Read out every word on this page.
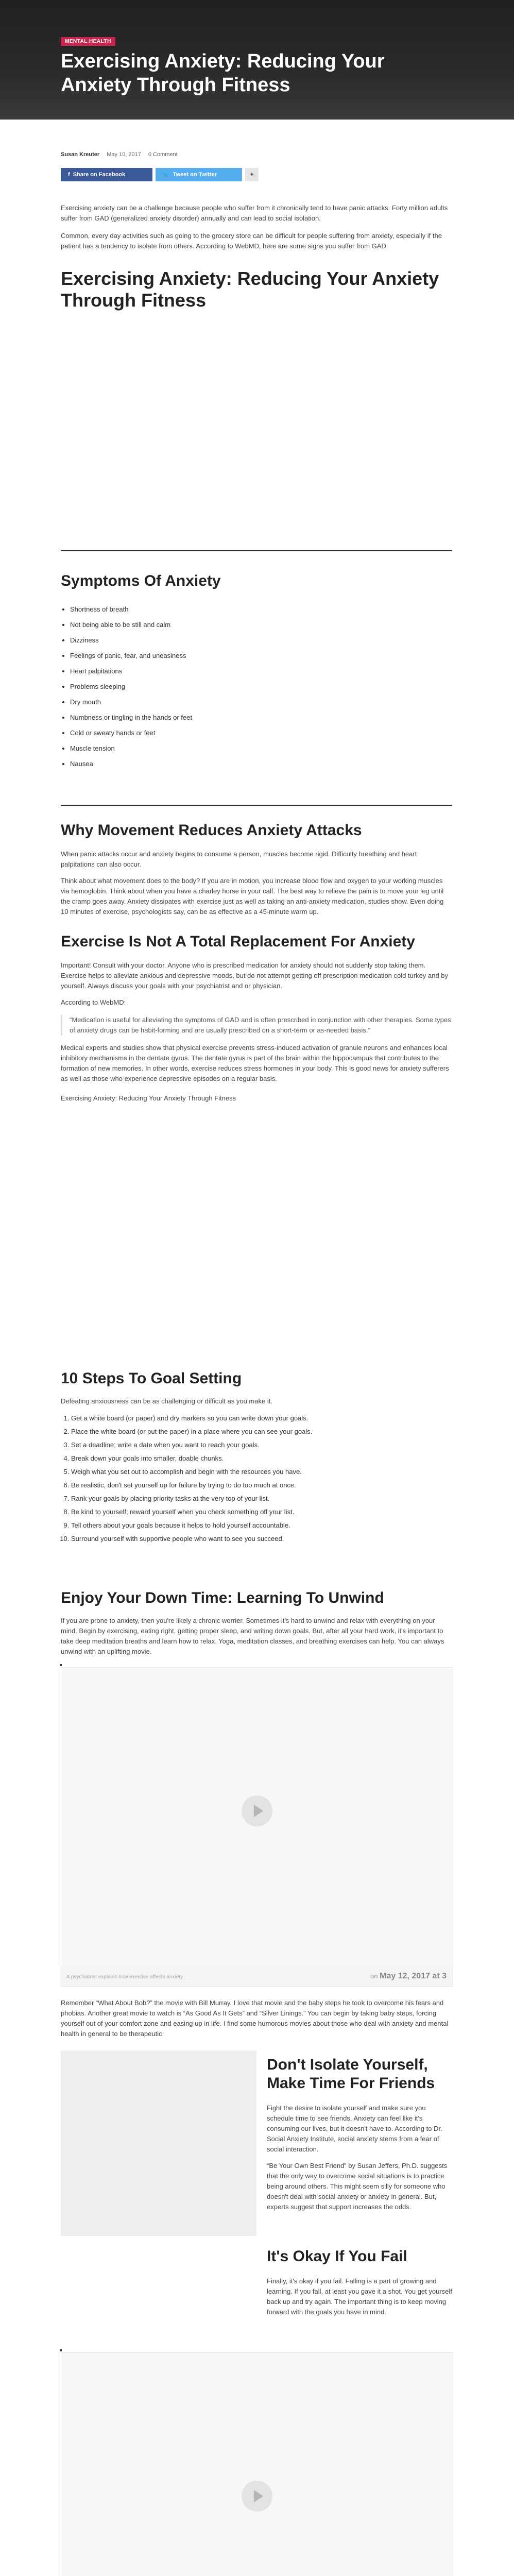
MENTAL HEALTH
Exercising Anxiety: Reducing Your Anxiety Through Fitness
Susan Kreuter May 10, 2017 0 Comment
f Share on Facebook	🐦 Tweet on Twitter	+

Exercising anxiety can be a challenge because people who suffer from it chronically tend to have panic attacks. Forty million adults suffer from GAD (generalized anxiety disorder) annually and can lead to social isolation.

Common, every day activities such as going to the grocery store can be difficult for people suffering from anxiety, especially if the patient has a tendency to isolate from others. According to WebMD, here are some signs you suffer from GAD:

Exercising Anxiety: Reducing Your Anxiety Through Fitness
Symptoms Of Anxiety
• Shortness of breath
• Not being able to be still and calm
• Dizziness
• Feelings of panic, fear, and uneasiness
• Heart palpitations
• Problems sleeping
• Dry mouth
• Numbness or tingling in the hands or feet
• Cold or sweaty hands or feet
• Muscle tension
• Nausea
Why Movement Reduces Anxiety Attacks

When panic attacks occur and anxiety begins to consume a person, muscles become rigid. Difficulty breathing and heart palpitations can also occur.

Think about what movement does to the body? If you are in motion, you increase blood flow and oxygen to your working muscles via hemoglobin. Think about when you have a charley horse in your calf. The best way to relieve the pain is to move your leg until the cramp goes away. Anxiety dissipates with exercise just as well as taking an anti-anxiety medication, studies show. Even doing 10 minutes of exercise, psychologists say, can be as effective as a 45-minute warm up.

Exercise Is Not A Total Replacement For Anxiety

Important! Consult with your doctor. Anyone who is prescribed medication for anxiety should not suddenly stop taking them. Exercise helps to alleviate anxious and depressive moods, but do not attempt getting off prescription medication cold turkey and by yourself. Always discuss your goals with your psychiatrist and or physician.

According to WebMD:

“Medication is useful for alleviating the symptoms of GAD and is often prescribed in conjunction with other therapies. Some types of anxiety drugs can be habit-forming and are usually prescribed on a short-term or as-needed basis.”

Medical experts and studies show that physical exercise prevents stress-induced activation of granule neurons and enhances local inhibitory mechanisms in the dentate gyrus. The dentate gyrus is part of the brain within the hippocampus that contributes to the formation of new memories. In other words, exercise reduces stress hormones in your body. This is good news for anxiety sufferers as well as those who experience depressive episodes on a regular basis.

Exercising Anxiety: Reducing Your Anxiety Through Fitness

10 Steps To Goal Setting

Defeating anxiousness can be as challenging or difficult as you make it.

1. Get a white board (or paper) and dry markers so you can write down your goals.
2. Place the white board (or put the paper) in a place where you can see your goals.
3. Set a deadline; write a date when you want to reach your goals.
4. Break down your goals into smaller, doable chunks.
5. Weigh what you set out to accomplish and begin with the resources you have.
6. Be realistic, don't set yourself up for failure by trying to do too much at once.
7. Rank your goals by placing priority tasks at the very top of your list.
8. Be kind to yourself; reward yourself when you check something off your list.
9. Tell others about your goals because it helps to hold yourself accountable.
10. Surround yourself with supportive people who want to see you succeed.
Enjoy Your Down Time: Learning To Unwind

If you are prone to anxiety, then you're likely a chronic worrier. Sometimes it's hard to unwind and relax with everything on your mind. Begin by exercising, eating right, getting proper sleep, and writing down goals. But, after all your hard work, it's important to take deep meditation breaths and learn how to relax. Yoga, meditation classes, and breathing exercises can help. You can always unwind with an uplifting movie.

A psychiatrist explains how exercise affects anxiety	on May 12, 2017 at 3

Remember “What About Bob?” the movie with Bill Murray, I love that movie and the baby steps he took to overcome his fears and phobias. Another great movie to watch is “As Good As It Gets” and “Silver Linings.” You can begin by taking baby steps, forcing yourself out of your comfort zone and easing up in life. I find some humorous movies about those who deal with anxiety and mental health in general to be therapeutic.

Don't Isolate Yourself, Make Time For Friends

Fight the desire to isolate yourself and make sure you schedule time to see friends. Anxiety can feel like it's consuming our lives, but it doesn't have to. According to Dr. Social Anxiety Institute, social anxiety stems from a fear of social interaction.

“Be Your Own Best Friend” by Susan Jeffers, Ph.D. suggests that the only way to overcome social situations is to practice being around others. This might seem silly for someone who doesn't deal with social anxiety or anxiety in general. But, experts suggest that support increases the odds.

It's Okay If You Fail

Finally, it's okay if you fail. Falling is a part of growing and learning. If you fall, at least you gave it a shot. You get yourself back up and try again. The important thing is to keep moving forward with the goals you have in mind.
